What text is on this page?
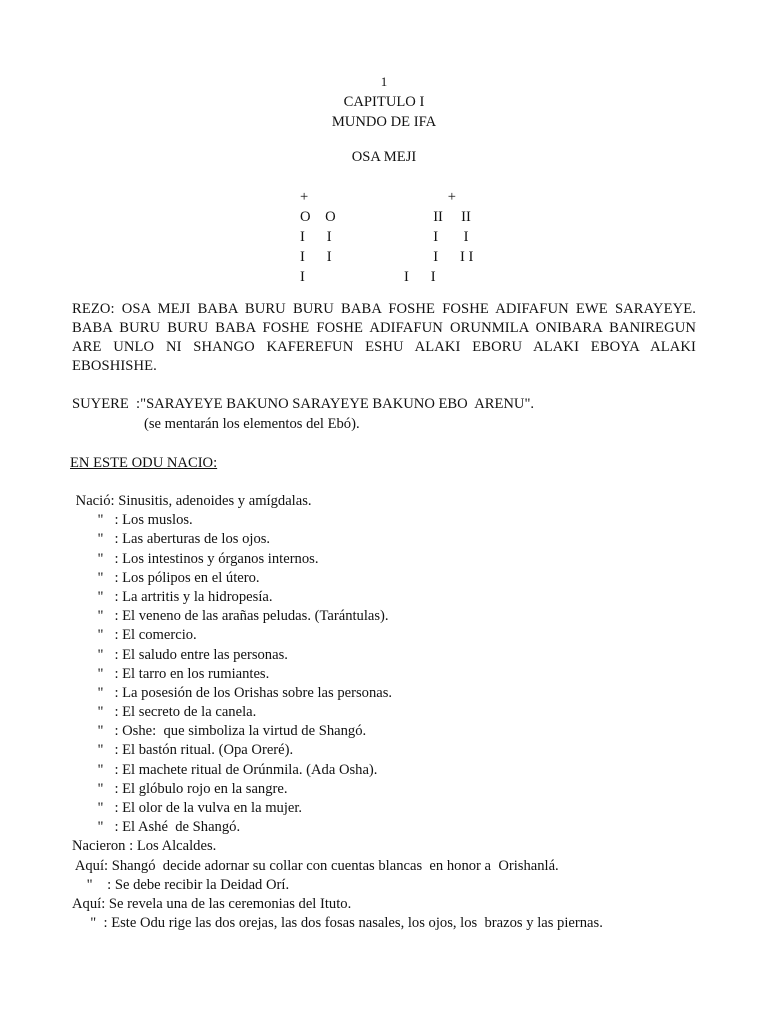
1
CAPITULO I
MUNDO DE IFA
OSA MEJI
+
O    O
I      I
I      I
I
+
II     II
I       I
I      I I
I      I
REZO: OSA MEJI BABA BURU BURU BABA FOSHE FOSHE ADIFAFUN EWE SARAYEYE. BABA BURU BURU BABA FOSHE FOSHE ADIFAFUN ORUNMILA ONIBARA BANIREGUN ARE UNLO NI SHANGO KAFEREFUN ESHU ALAKI EBORU ALAKI EBOYA ALAKI EBOSHISHE.
SUYERE  :"SARAYEYE BAKUNO SARAYEYE BAKUNO EBO  ARENU".
(se mentarán los elementos del Ebó).
EN ESTE ODU NACIO:
Nació: Sinusitis, adenoides y amígdalas.
"   : Los muslos.
"   : Las aberturas de los ojos.
"   : Los intestinos y órganos internos.
"   : Los pólipos en el útero.
"   : La artritis y la hidropesía.
"   : El veneno de las arañas peludas. (Tarántulas).
"   : El comercio.
"   : El saludo entre las personas.
"   : El tarro en los rumiantes.
"   : La posesión de los Orishas sobre las personas.
"   : El secreto de la canela.
"   : Oshe:  que simboliza la virtud de Shangó.
"   : El bastón ritual. (Opa Oreré).
"   : El machete ritual de Orúnmila. (Ada Osha).
"   : El glóbulo rojo en la sangre.
"   : El olor de la vulva en la mujer.
"   : El Ashé  de Shangó.
Nacieron : Los Alcaldes.
Aquí: Shangó  decide adornar su collar con cuentas blancas  en honor a  Orishanlá.
"    : Se debe recibir la Deidad Orí.
Aquí: Se revela una de las ceremonias del Ituto.
"  : Este Odu rige las dos orejas, las dos fosas nasales, los ojos, los  brazos y las piernas.
